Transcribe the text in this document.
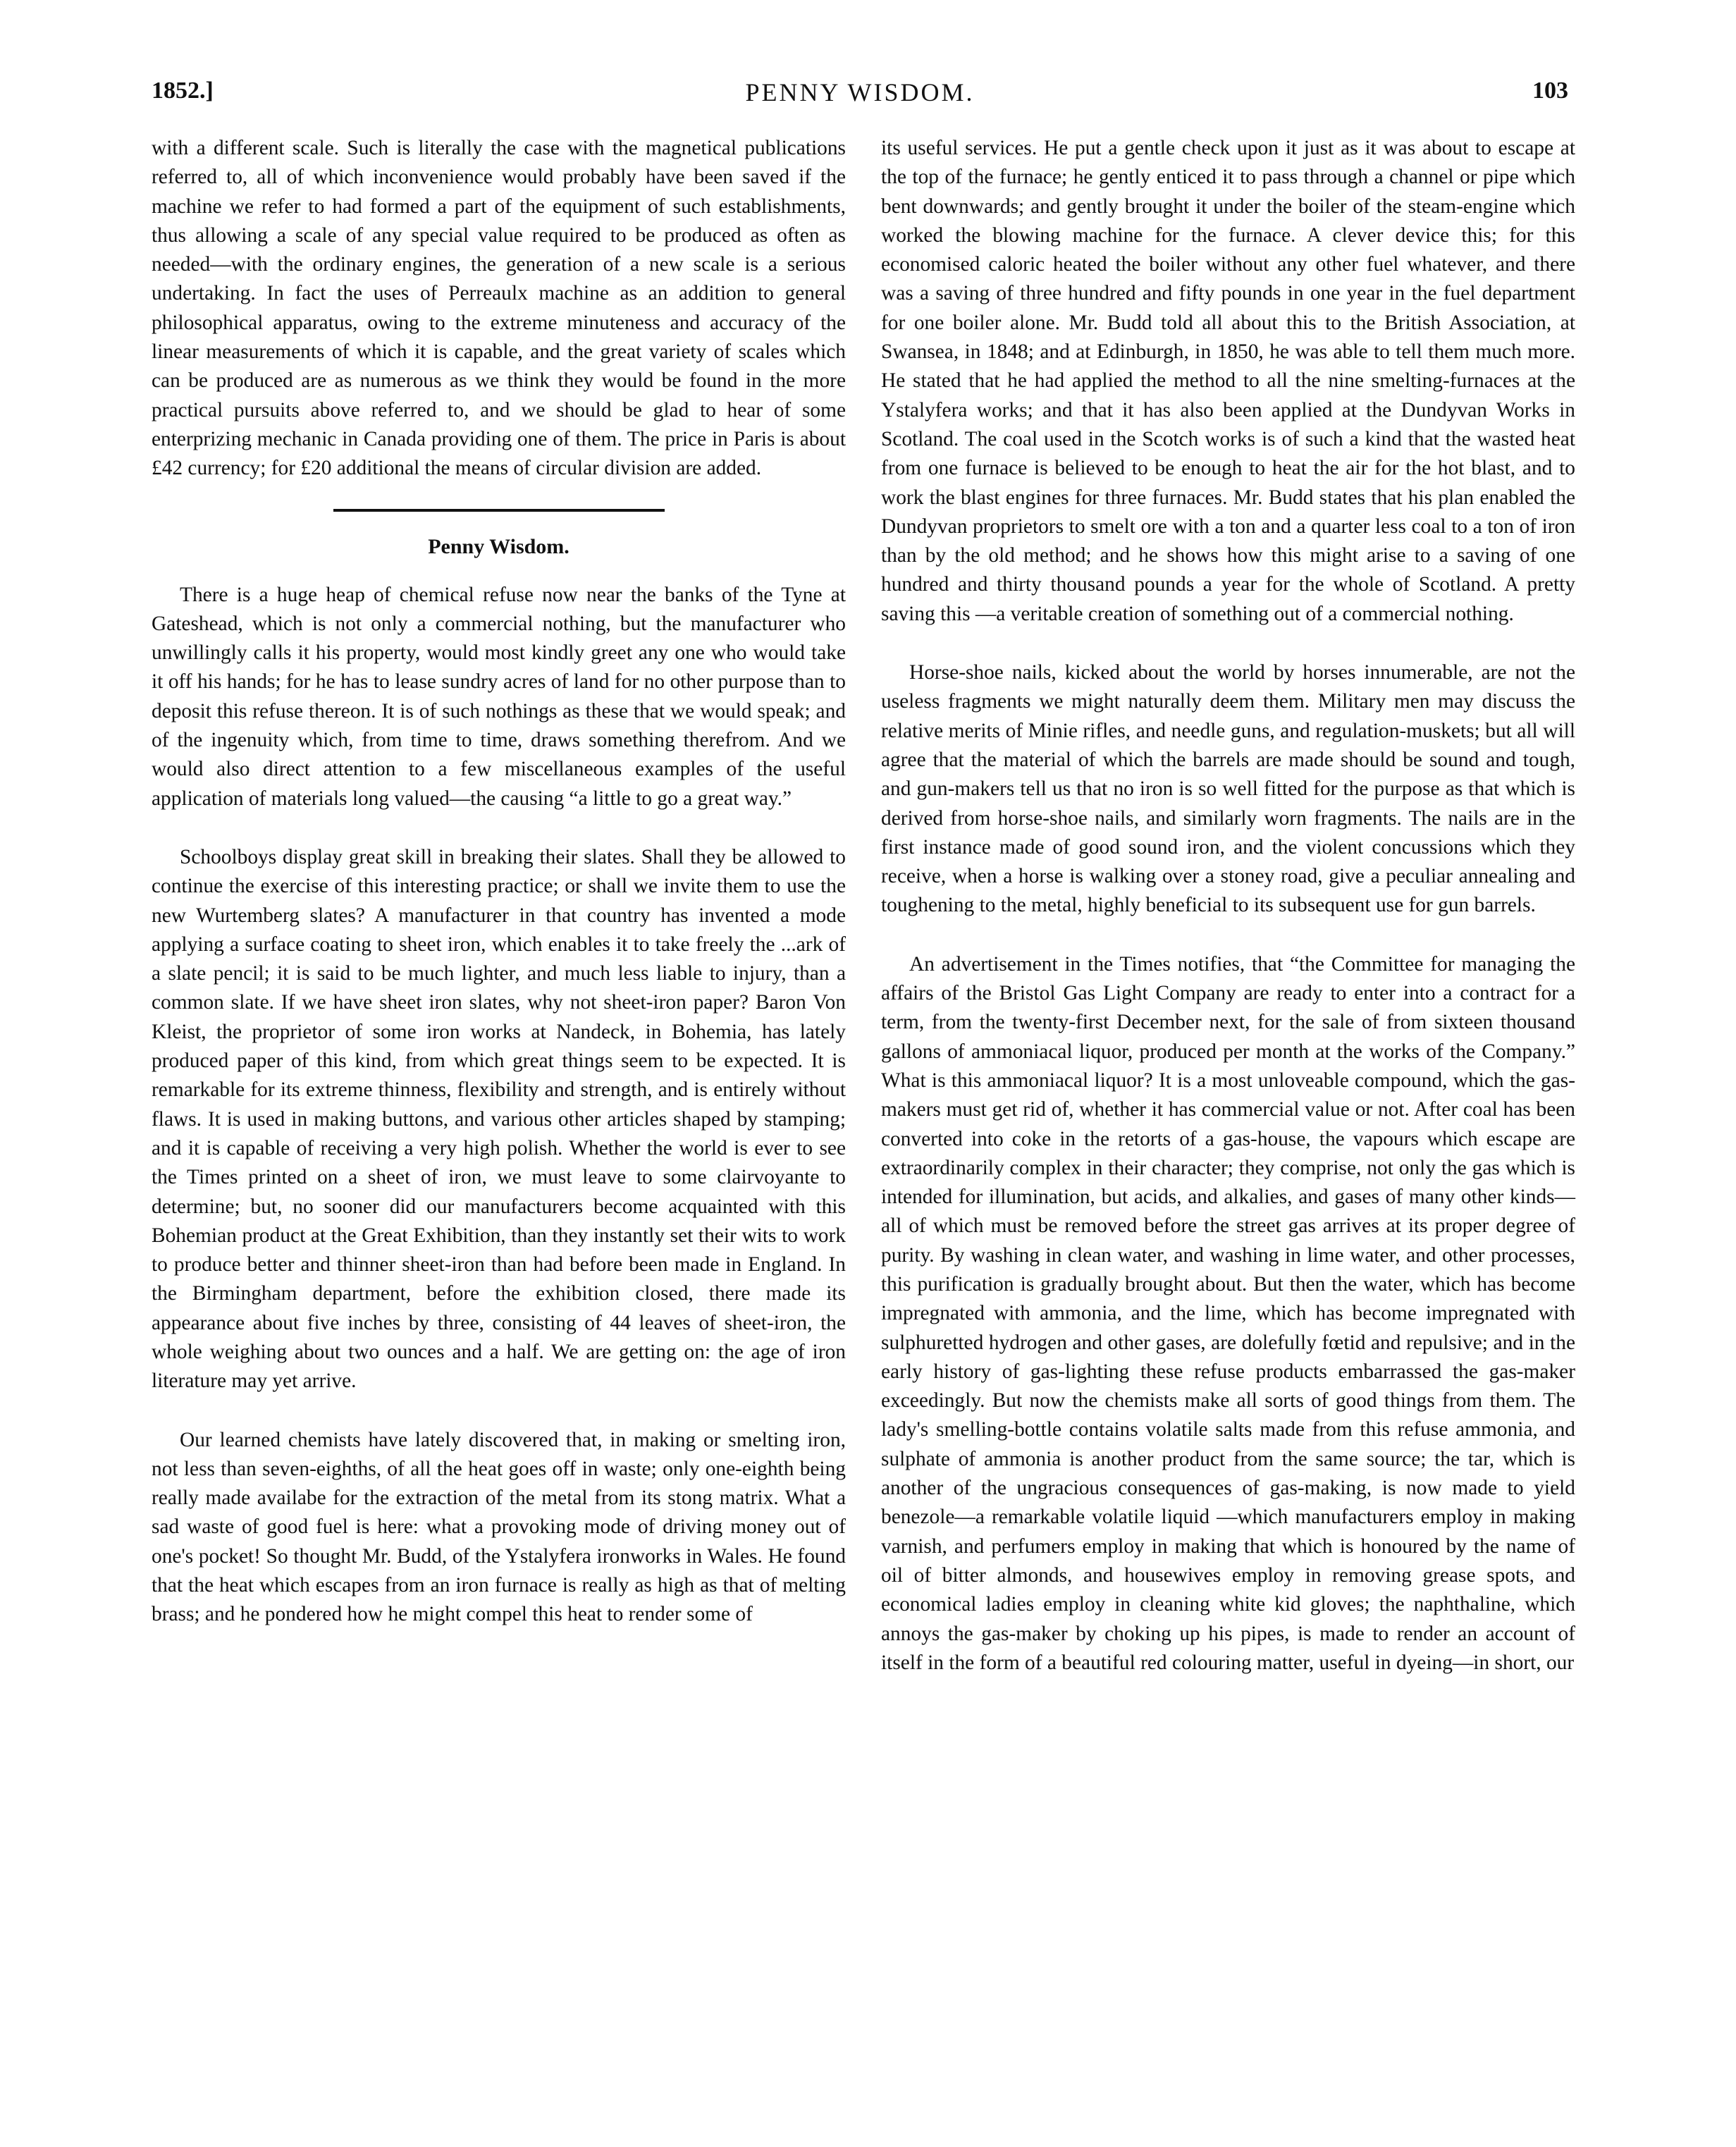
1852.]	PENNY WISDOM.	103

with a different scale. Such is literally the case with the magnetical publications referred to, all of which inconvenience would probably have been saved if the machine we refer to had formed a part of the equipment of such establishments, thus allowing a scale of any special value required to be produced as often as needed—with the ordinary engines, the generation of a new scale is a serious undertaking. In fact the uses of Perreaulx machine as an addition to general philosophical apparatus, owing to the extreme minuteness and accuracy of the linear measurements of which it is capable, and the great variety of scales which can be produced are as numerous as we think they would be found in the more practical pursuits above referred to, and we should be glad to hear of some enterprizing mechanic in Canada providing one of them. The price in Paris is about £42 currency; for £20 additional the means of circular division are added.

Penny Wisdom.

There is a huge heap of chemical refuse now near the banks of the Tyne at Gateshead, which is not only a commercial nothing, but the manufacturer who unwillingly calls it his property, would most kindly greet any one who would take it off his hands; for he has to lease sundry acres of land for no other purpose than to deposit this refuse thereon. It is of such nothings as these that we would speak; and of the ingenuity which, from time to time, draws something therefrom. And we would also direct attention to a few miscellaneous examples of the useful application of materials long valued—the causing “a little to go a great way.”

Schoolboys display great skill in breaking their slates. Shall they be allowed to continue the exercise of this interesting practice; or shall we invite them to use the new Wurtemberg slates? A manufacturer in that country has invented a mode applying a surface coating to sheet iron, which enables it to take freely the ...ark of a slate pencil; it is said to be much lighter, and much less liable to injury, than a common slate. If we have sheet iron slates, why not sheet-iron paper? Baron Von Kleist, the proprietor of some iron works at Nandeck, in Bohemia, has lately produced paper of this kind, from which great things seem to be expected. It is remarkable for its extreme thinness, flexibility and strength, and is entirely without flaws. It is used in making buttons, and various other articles shaped by stamping; and it is capable of receiving a very high polish. Whether the world is ever to see the Times printed on a sheet of iron, we must leave to some clairvoyante to determine; but, no sooner did our manufacturers become acquainted with this Bohemian product at the Great Exhibition, than they instantly set their wits to work to produce better and thinner sheet-iron than had before been made in England. In the Birmingham department, before the exhibition closed, there made its appearance about five inches by three, consisting of 44 leaves of sheet-iron, the whole weighing about two ounces and a half. We are getting on: the age of iron literature may yet arrive.

Our learned chemists have lately discovered that, in making or smelting iron, not less than seven-eighths, of all the heat goes off in waste; only one-eighth being really made availabe for the extraction of the metal from its stong matrix. What a sad waste of good fuel is here: what a provoking mode of driving money out of one's pocket! So thought Mr. Budd, of the Ystalyfera ironworks in Wales. He found that the heat which escapes from an iron furnace is really as high as that of melting brass; and he pondered how he might compel this heat to render some of

its useful services. He put a gentle check upon it just as it was about to escape at the top of the furnace; he gently enticed it to pass through a channel or pipe which bent downwards; and gently brought it under the boiler of the steam-engine which worked the blowing machine for the furnace. A clever device this; for this economised caloric heated the boiler without any other fuel whatever, and there was a saving of three hundred and fifty pounds in one year in the fuel department for one boiler alone. Mr. Budd told all about this to the British Association, at Swansea, in 1848; and at Edinburgh, in 1850, he was able to tell them much more. He stated that he had applied the method to all the nine smelting-furnaces at the Ystalyfera works; and that it has also been applied at the Dundyvan Works in Scotland. The coal used in the Scotch works is of such a kind that the wasted heat from one furnace is believed to be enough to heat the air for the hot blast, and to work the blast engines for three furnaces. Mr. Budd states that his plan enabled the Dundyvan proprietors to smelt ore with a ton and a quarter less coal to a ton of iron than by the old method; and he shows how this might arise to a saving of one hundred and thirty thousand pounds a year for the whole of Scotland. A pretty saving this —a veritable creation of something out of a commercial nothing.

Horse-shoe nails, kicked about the world by horses innumerable, are not the useless fragments we might naturally deem them. Military men may discuss the relative merits of Minie rifles, and needle guns, and regulation-muskets; but all will agree that the material of which the barrels are made should be sound and tough, and gun-makers tell us that no iron is so well fitted for the purpose as that which is derived from horse-shoe nails, and similarly worn fragments. The nails are in the first instance made of good sound iron, and the violent concussions which they receive, when a horse is walking over a stoney road, give a peculiar annealing and toughening to the metal, highly beneficial to its subsequent use for gun barrels.

An advertisement in the Times notifies, that “the Committee for managing the affairs of the Bristol Gas Light Company are ready to enter into a contract for a term, from the twenty-first December next, for the sale of from sixteen thousand gallons of ammoniacal liquor, produced per month at the works of the Company.” What is this ammoniacal liquor? It is a most unloveable compound, which the gas-makers must get rid of, whether it has commercial value or not. After coal has been converted into coke in the retorts of a gas-house, the vapours which escape are extraordinarily complex in their character; they comprise, not only the gas which is intended for illumination, but acids, and alkalies, and gases of many other kinds—all of which must be removed before the street gas arrives at its proper degree of purity. By washing in clean water, and washing in lime water, and other processes, this purification is gradually brought about. But then the water, which has become impregnated with ammonia, and the lime, which has become impregnated with sulphuretted hydrogen and other gases, are dolefully fœtid and repulsive; and in the early history of gas-lighting these refuse products embarrassed the gas-maker exceedingly. But now the chemists make all sorts of good things from them. The lady's smelling-bottle contains volatile salts made from this refuse ammonia, and sulphate of ammonia is another product from the same source; the tar, which is another of the ungracious consequences of gas-making, is now made to yield benezole—a remarkable volatile liquid —which manufacturers employ in making varnish, and perfumers employ in making that which is honoured by the name of oil of bitter almonds, and housewives employ in removing grease spots, and economical ladies employ in cleaning white kid gloves; the naphthaline, which annoys the gas-maker by choking up his pipes, is made to render an account of itself in the form of a beautiful red colouring matter, useful in dyeing—in short, our
